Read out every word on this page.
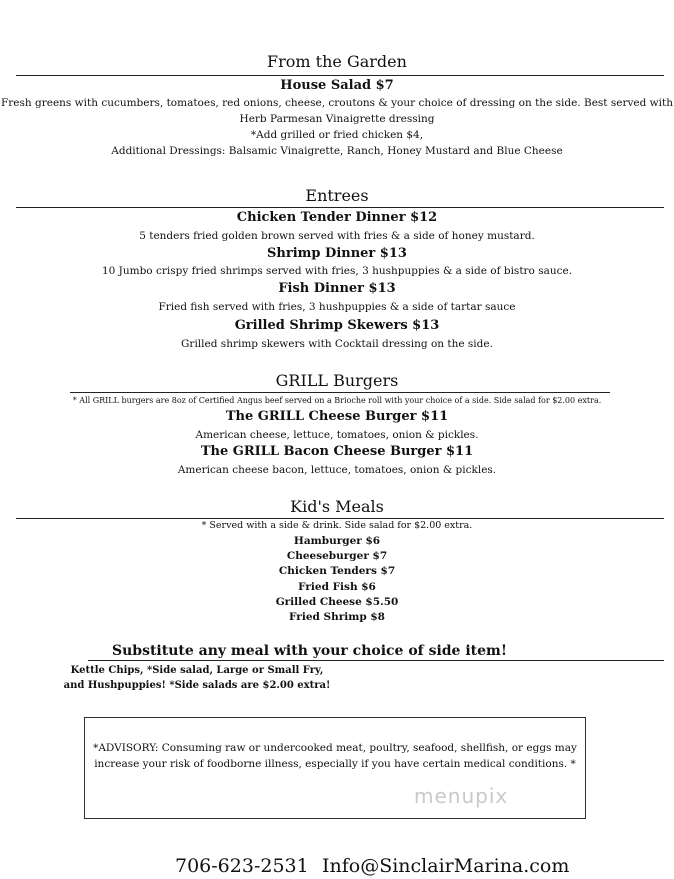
From the Garden
House Salad $7
Fresh greens with cucumbers, tomatoes, red onions, cheese, croutons & your choice of dressing on the side. Best served with
Herb Parmesan Vinaigrette dressing
*Add grilled or fried chicken $4,
Additional Dressings: Balsamic Vinaigrette, Ranch, Honey Mustard and Blue Cheese
Entrees
Chicken Tender Dinner $12
5 tenders fried golden brown served with fries & a side of honey mustard.
Shrimp Dinner $13
10 Jumbo crispy fried shrimps served with fries, 3 hushpuppies & a side of bistro sauce.
Fish Dinner $13
Fried fish served with fries, 3 hushpuppies & a side of tartar sauce
Grilled Shrimp Skewers $13
Grilled shrimp skewers with Cocktail dressing on the side.
GRILL Burgers
* All GRILL burgers are 8oz of Certified Angus beef served on a Brioche roll with your choice of a side. Side salad for $2.00 extra.
The GRILL Cheese Burger $11
American cheese, lettuce, tomatoes, onion & pickles.
The GRILL Bacon Cheese Burger $11
American cheese bacon, lettuce, tomatoes, onion & pickles.
Kid's Meals
* Served with a side & drink. Side salad for $2.00 extra.
Hamburger $6
Cheeseburger $7
Chicken Tenders $7
Fried Fish $6
Grilled Cheese $5.50
Fried Shrimp $8
Substitute any meal with your choice of side item!
Kettle Chips, *Side salad, Large or Small Fry,
and Hushpuppies! *Side salads are $2.00 extra!
*ADVISORY: Consuming raw or undercooked meat, poultry, seafood, shellfish, or eggs may
increase your risk of foodborne illness, especially if you have certain medical conditions. *
menupix
706-623-2531 Info@SinclairMarina.com
